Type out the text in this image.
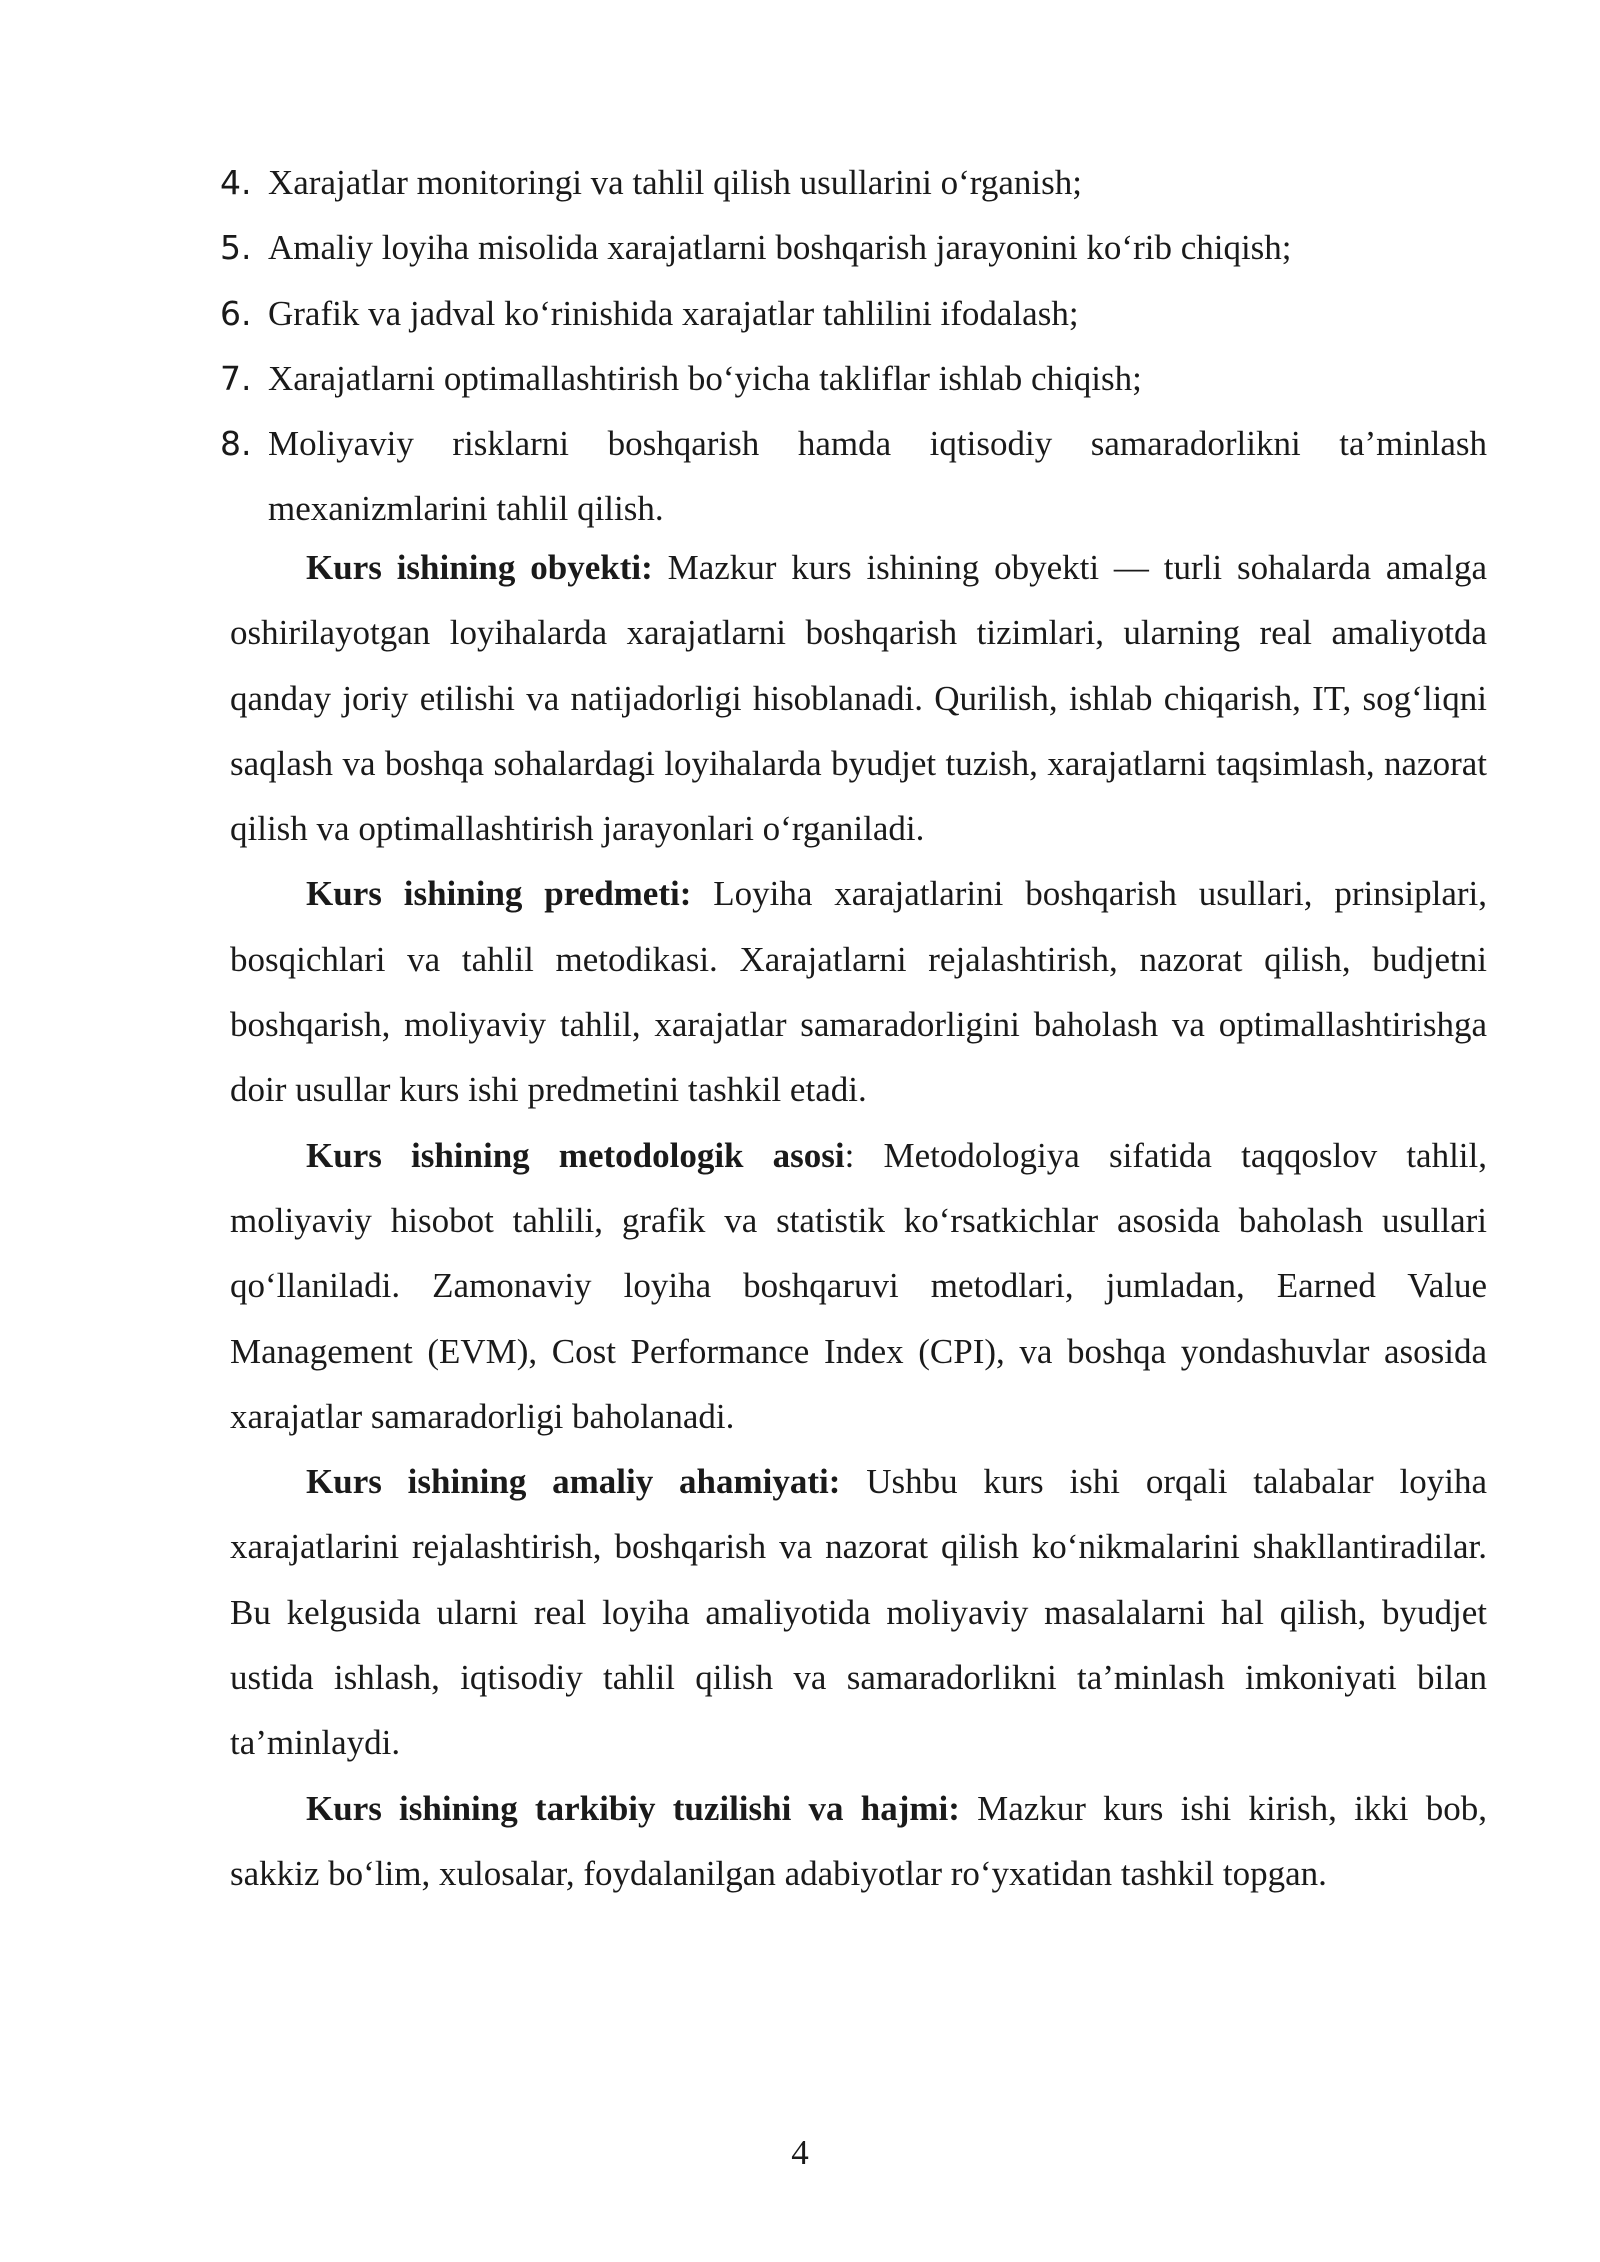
4. Xarajatlar monitoringi va tahlil qilish usullarini o‘rganish;
5. Amaliy loyiha misolida xarajatlarni boshqarish jarayonini ko‘rib chiqish;
6. Grafik va jadval ko‘rinishida xarajatlar tahlilini ifodalash;
7. Xarajatlarni optimallashtirish bo‘yicha takliflar ishlab chiqish;
8. Moliyaviy risklarni boshqarish hamda iqtisodiy samaradorlikni ta’minlash mexanizmlarini tahlil qilish.

Kurs ishining obyekti: Mazkur kurs ishining obyekti — turli sohalarda amalga oshirilayotgan loyihalarda xarajatlarni boshqarish tizimlari, ularning real amaliyotda qanday joriy etilishi va natijadorligi hisoblanadi. Qurilish, ishlab chiqarish, IT, sog‘liqni saqlash va boshqa sohalardagi loyihalarda byudjet tuzish, xarajatlarni taqsimlash, nazorat qilish va optimallashtirish jarayonlari o‘rganiladi.

Kurs ishining predmeti: Loyiha xarajatlarini boshqarish usullari, prinsiplari, bosqichlari va tahlil metodikasi. Xarajatlarni rejalashtirish, nazorat qilish, budjetni boshqarish, moliyaviy tahlil, xarajatlar samaradorligini baholash va optimallashtirishga doir usullar kurs ishi predmetini tashkil etadi.

Kurs ishining metodologik asosi: Metodologiya sifatida taqqoslov tahlil, moliyaviy hisobot tahlili, grafik va statistik ko‘rsatkichlar asosida baholash usullari qo‘llaniladi. Zamonaviy loyiha boshqaruvi metodlari, jumladan, Earned Value Management (EVM), Cost Performance Index (CPI), va boshqa yondashuvlar asosida xarajatlar samaradorligi baholanadi.

Kurs ishining amaliy ahamiyati: Ushbu kurs ishi orqali talabalar loyiha xarajatlarini rejalashtirish, boshqarish va nazorat qilish ko‘nikmalarini shakllantiradilar. Bu kelgusida ularni real loyiha amaliyotida moliyaviy masalalarni hal qilish, byudjet ustida ishlash, iqtisodiy tahlil qilish va samaradorlikni ta’minlash imkoniyati bilan ta’minlaydi.

Kurs ishining tarkibiy tuzilishi va hajmi: Mazkur kurs ishi kirish, ikki bob, sakkiz bo‘lim, xulosalar, foydalanilgan adabiyotlar ro‘yxatidan tashkil topgan.

4
